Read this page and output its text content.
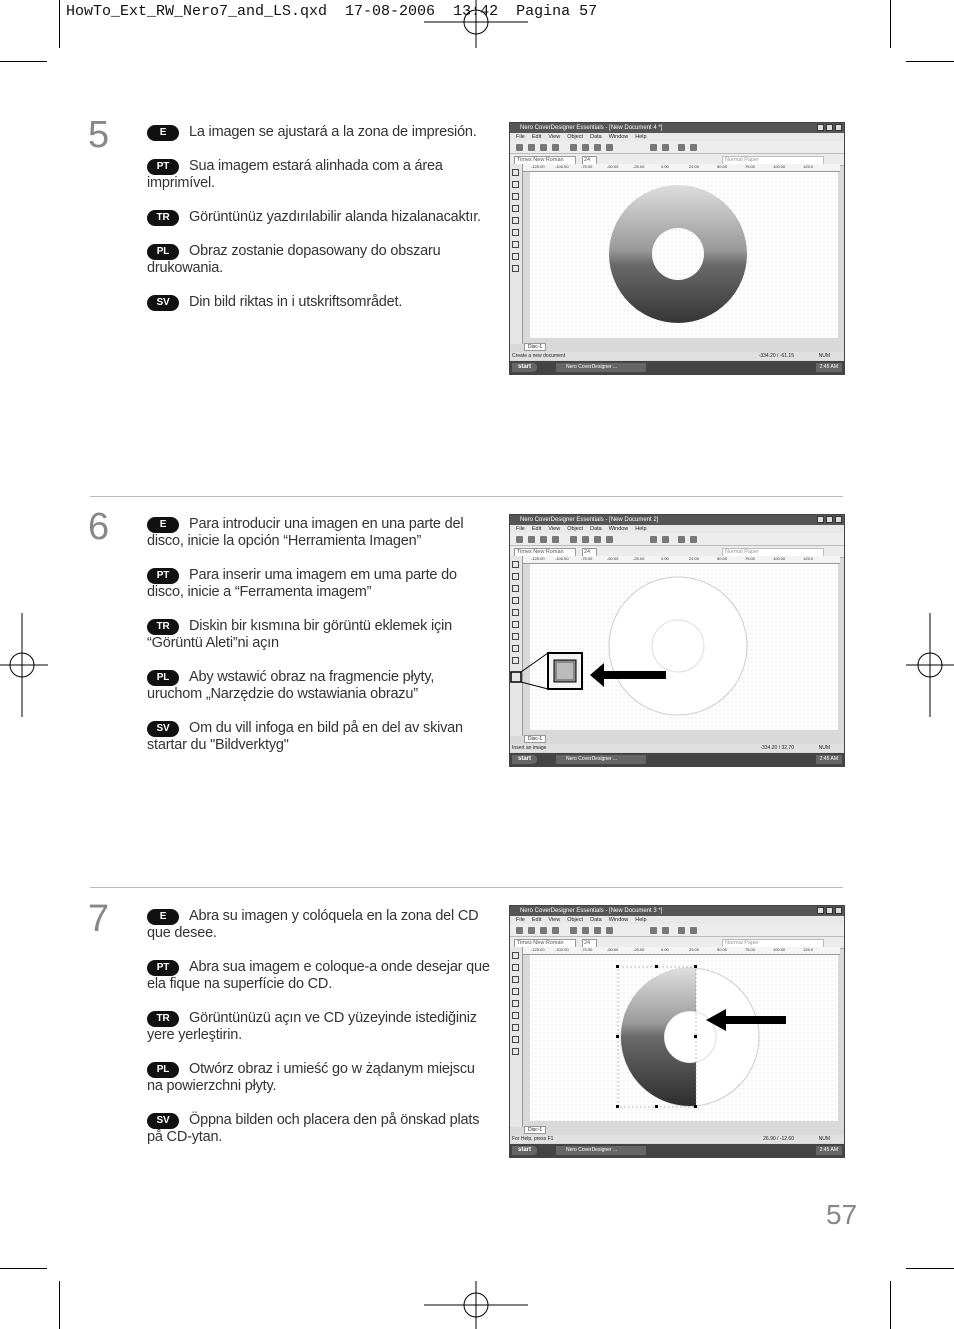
HowTo_Ext_RW_Nero7_and_LS.qxd  17-08-2006  13:42  Pagina 57
5	E La imagen se ajustará a la zona de impresión.
PT Sua imagem estará alinhada com a área imprimível.
TR Görüntünüz yazdırılabilir alanda hizalanacaktır.
PL Obraz zostanie dopasowany do obszaru drukowania.
SV Din bild riktas in i utskriftsområdet.
Nero CoverDesigner Essentials - [New Document 4 *]
File Edit View Object Data Window Help
Times New Roman	24	Normal Paper
-125.00	-100.00	-75.00	-50.00	-25.00	0.00	25.00	50.00	75.00	100.00	125.0
Disc-1
Create a new document	-334.20 / -61.15	NUM
start	Nero CoverDesigner ...	2:45 AM
6	E Para introducir una imagen en una parte del disco, inicie la opción “Herramienta Imagen”
PT Para inserir uma imagem em uma parte do disco, inicie a “Ferramenta imagem”
TR Diskin bir kısmına bir görüntü eklemek için “Görüntü Aleti”ni açın
PL Aby wstawić obraz na fragmencie płyty, uruchom „Narzędzie do wstawiania obrazu”
SV Om du vill infoga en bild på en del av skivan startar du "Bildverktyg"
Nero CoverDesigner Essentials - [New Document 2]
File Edit View Object Data Window Help
Times New Roman	24	Normal Paper
-125.00	-100.00	-75.00	-50.00	-25.00	0.00	25.00	50.00	75.00	100.00	125.0
Disc-1
Insert an image	-334.20 / 32.70	NUM
start	Nero CoverDesigner ...	2:45 AM
7	E Abra su imagen y colóquela en la zona del CD que desee.
PT Abra sua imagem e coloque-a onde desejar que ela fique na superfície do CD.
TR Görüntünüzü açın ve CD yüzeyinde istediğiniz yere yerleştirin.
PL Otwórz obraz i umieść go w żądanym miejscu na powierzchni płyty.
SV Öppna bilden och placera den på önskad plats på CD-ytan.
Nero CoverDesigner Essentials - [New Document 3 *]
File Edit View Object Data Window Help
Times New Roman	24	Normal Paper
-125.00	-100.00	-75.00	-50.00	-25.00	0.00	25.00	50.00	75.00	100.00	125.0
Disc-1
For Help, press F1	26.90 / -12.60	NUM
start	Nero CoverDesigner ...	2:45 AM
57
